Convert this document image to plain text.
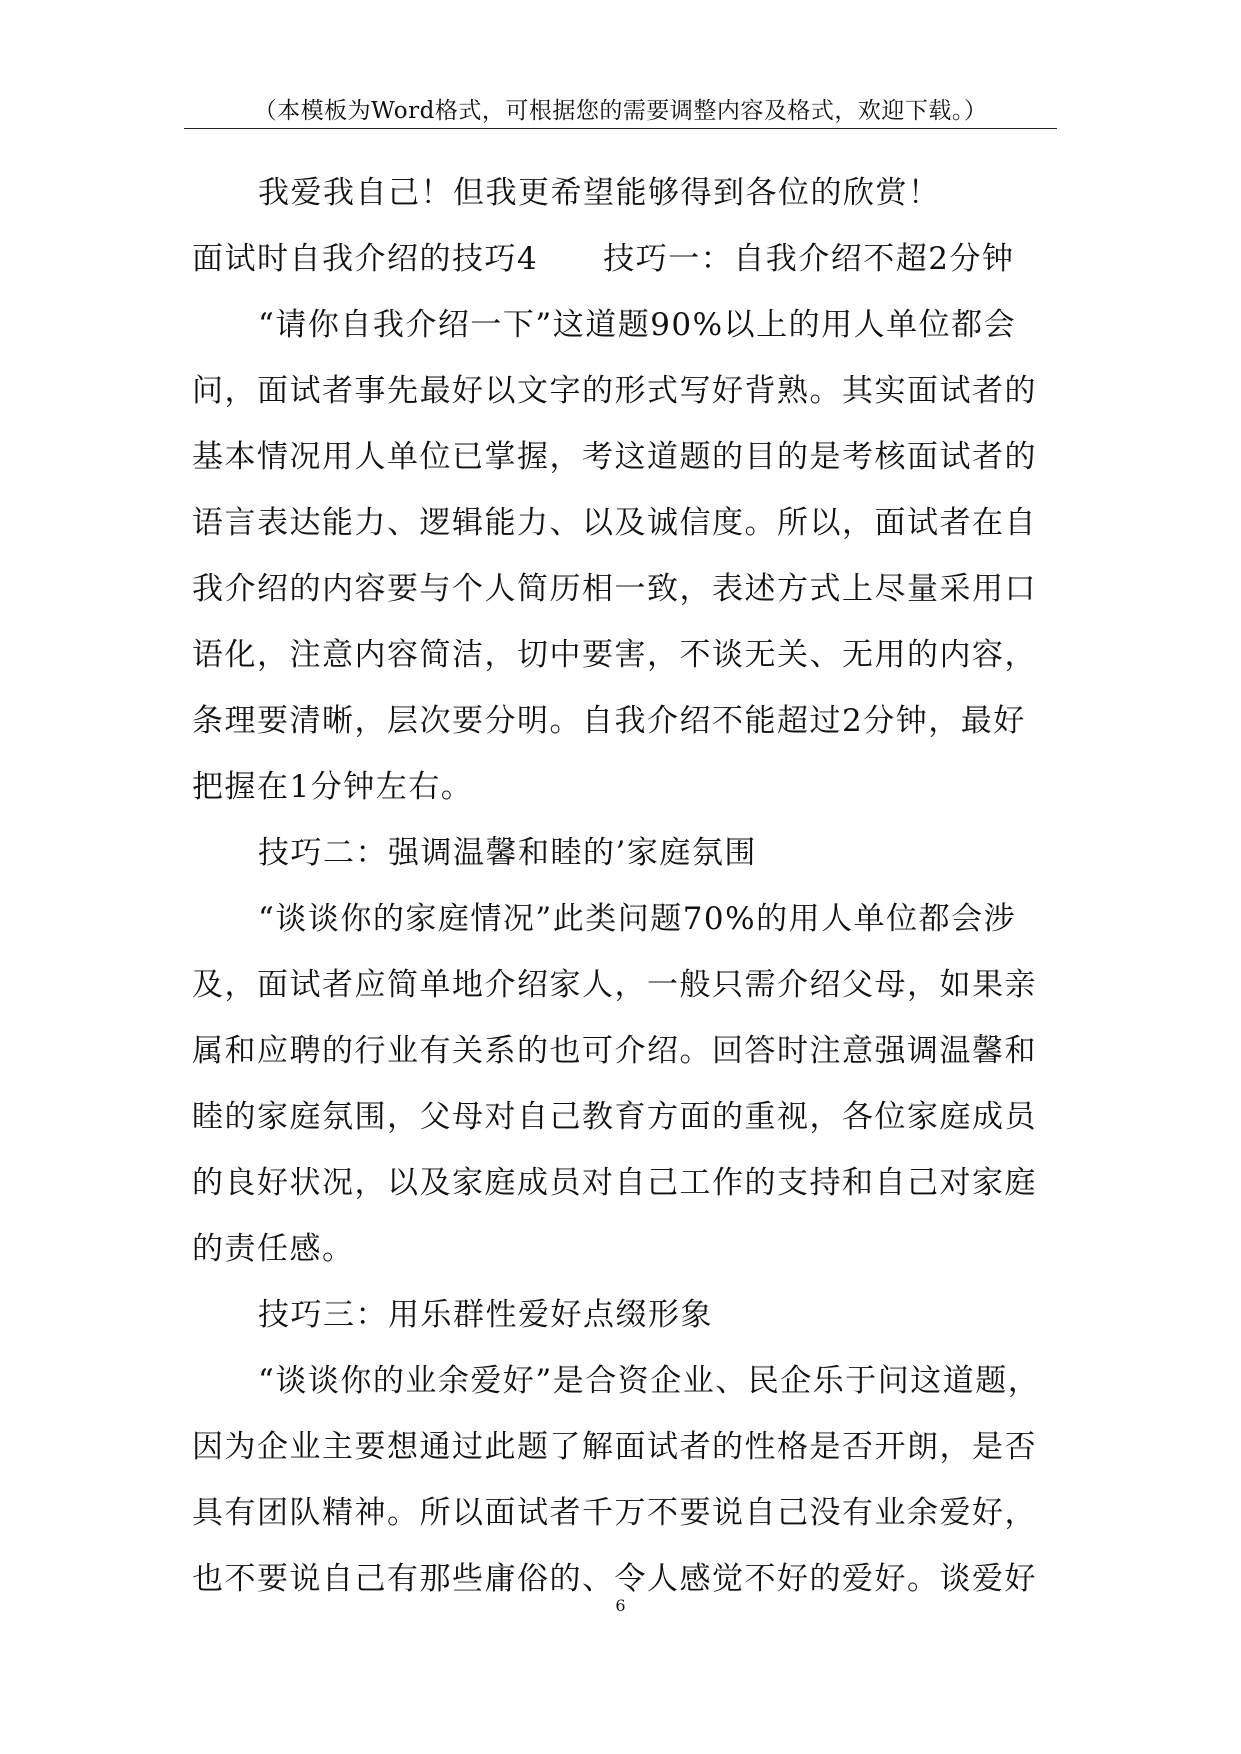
（本模板为Word格式，可根据您的需要调整内容及格式，欢迎下载。）
我爱我自己！但我更希望能够得到各位的欣赏！
面试时自我介绍的技巧4　　技巧一：自我介绍不超2分钟
“请你自我介绍一下”这道题90%以上的用人单位都会
问，面试者事先最好以文字的形式写好背熟。其实面试者的
基本情况用人单位已掌握，考这道题的目的是考核面试者的
语言表达能力、逻辑能力、以及诚信度。所以，面试者在自
我介绍的内容要与个人简历相一致，表述方式上尽量采用口
语化，注意内容简洁，切中要害，不谈无关、无用的内容，
条理要清晰，层次要分明。自我介绍不能超过2分钟，最好
把握在1分钟左右。
技巧二：强调温馨和睦的’家庭氛围
“谈谈你的家庭情况”此类问题70%的用人单位都会涉
及，面试者应简单地介绍家人，一般只需介绍父母，如果亲
属和应聘的行业有关系的也可介绍。回答时注意强调温馨和
睦的家庭氛围，父母对自己教育方面的重视，各位家庭成员
的良好状况，以及家庭成员对自己工作的支持和自己对家庭
的责任感。
技巧三：用乐群性爱好点缀形象
“谈谈你的业余爱好”是合资企业、民企乐于问这道题，
因为企业主要想通过此题了解面试者的性格是否开朗，是否
具有团队精神。所以面试者千万不要说自己没有业余爱好，
也不要说自己有那些庸俗的、令人感觉不好的爱好。谈爱好
6
